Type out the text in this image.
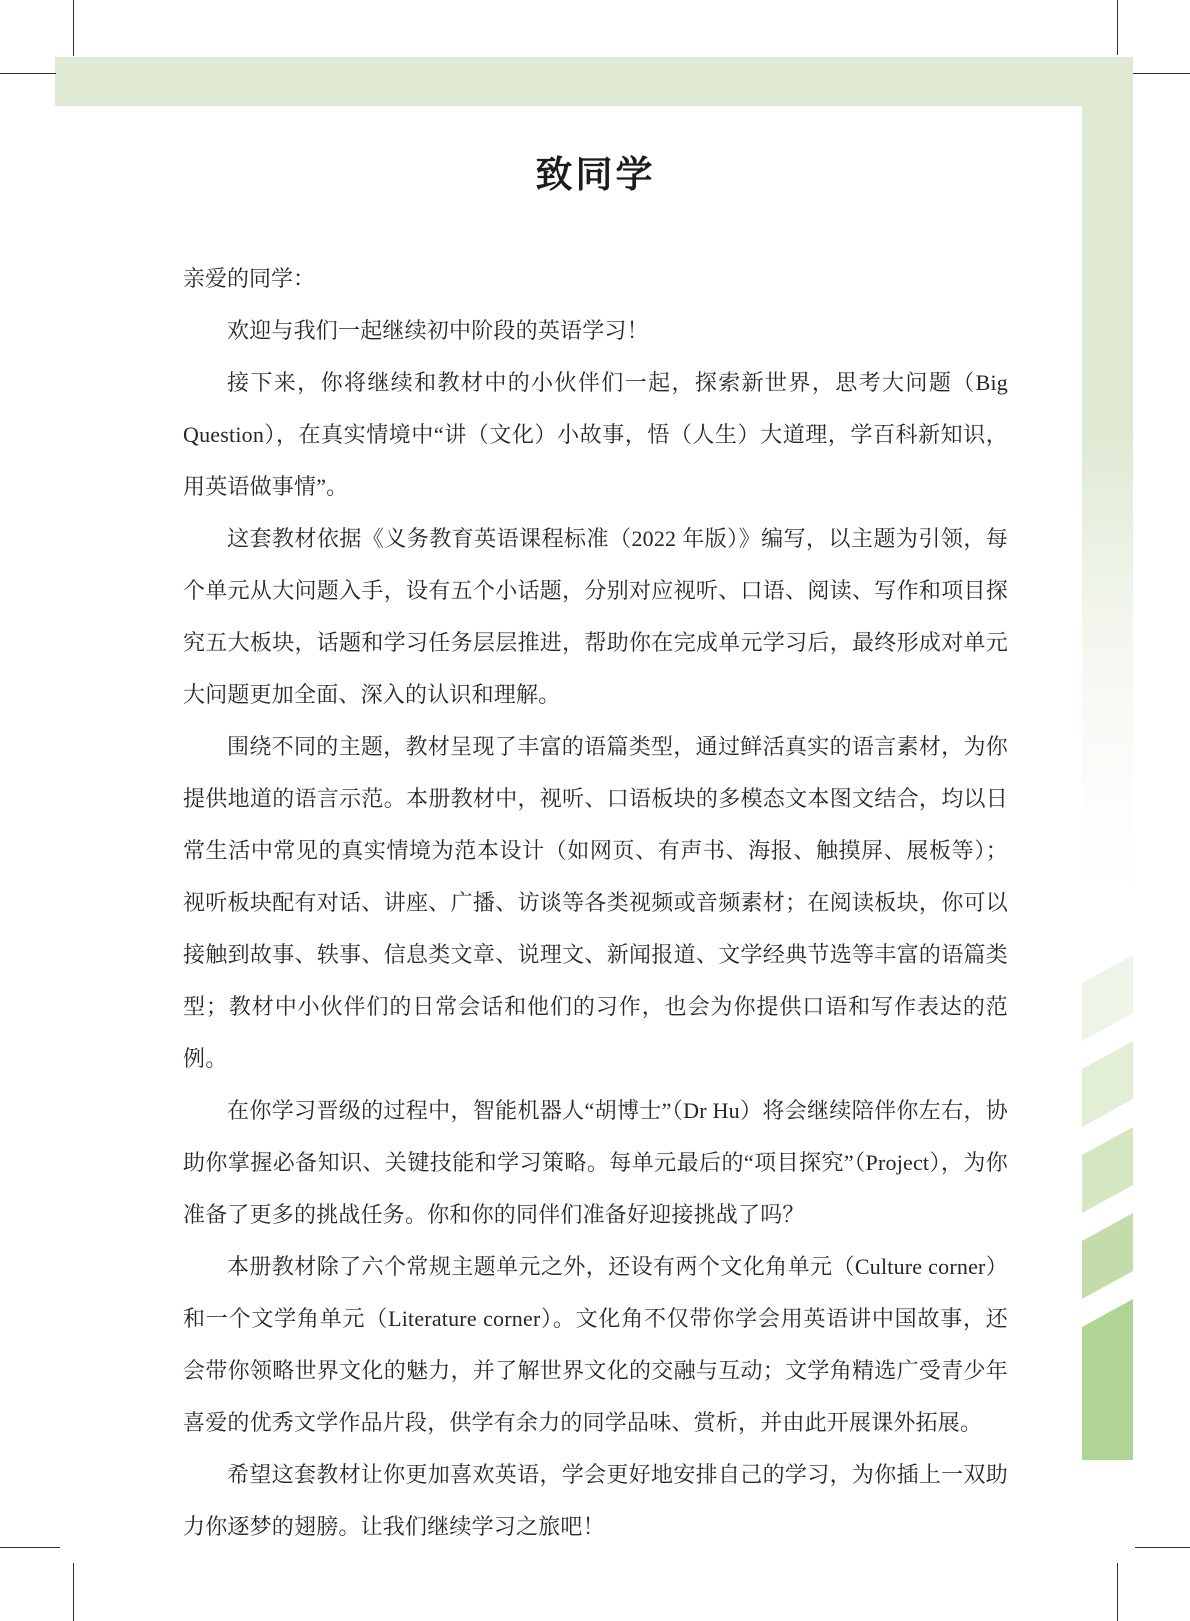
致同学

亲爱的同学：

欢迎与我们一起继续初中阶段的英语学习！

接下来，你将继续和教材中的小伙伴们一起，探索新世界，思考大问题（Big Question），在真实情境中“讲（文化）小故事，悟（人生）大道理，学百科新知识，用英语做事情”。

这套教材依据《义务教育英语课程标准（2022 年版）》编写，以主题为引领，每个单元从大问题入手，设有五个小话题，分别对应视听、口语、阅读、写作和项目探究五大板块，话题和学习任务层层推进，帮助你在完成单元学习后，最终形成对单元大问题更加全面、深入的认识和理解。

围绕不同的主题，教材呈现了丰富的语篇类型，通过鲜活真实的语言素材，为你提供地道的语言示范。本册教材中，视听、口语板块的多模态文本图文结合，均以日常生活中常见的真实情境为范本设计（如网页、有声书、海报、触摸屏、展板等）；视听板块配有对话、讲座、广播、访谈等各类视频或音频素材；在阅读板块，你可以接触到故事、轶事、信息类文章、说理文、新闻报道、文学经典节选等丰富的语篇类型；教材中小伙伴们的日常会话和他们的习作，也会为你提供口语和写作表达的范例。

在你学习晋级的过程中，智能机器人“胡博士”（Dr Hu）将会继续陪伴你左右，协助你掌握必备知识、关键技能和学习策略。每单元最后的“项目探究”（Project），为你准备了更多的挑战任务。你和你的同伴们准备好迎接挑战了吗？

本册教材除了六个常规主题单元之外，还设有两个文化角单元（Culture corner）和一个文学角单元（Literature corner）。文化角不仅带你学会用英语讲中国故事，还会带你领略世界文化的魅力，并了解世界文化的交融与互动；文学角精选广受青少年喜爱的优秀文学作品片段，供学有余力的同学品味、赏析，并由此开展课外拓展。

希望这套教材让你更加喜欢英语，学会更好地安排自己的学习，为你插上一双助力你逐梦的翅膀。让我们继续学习之旅吧！
